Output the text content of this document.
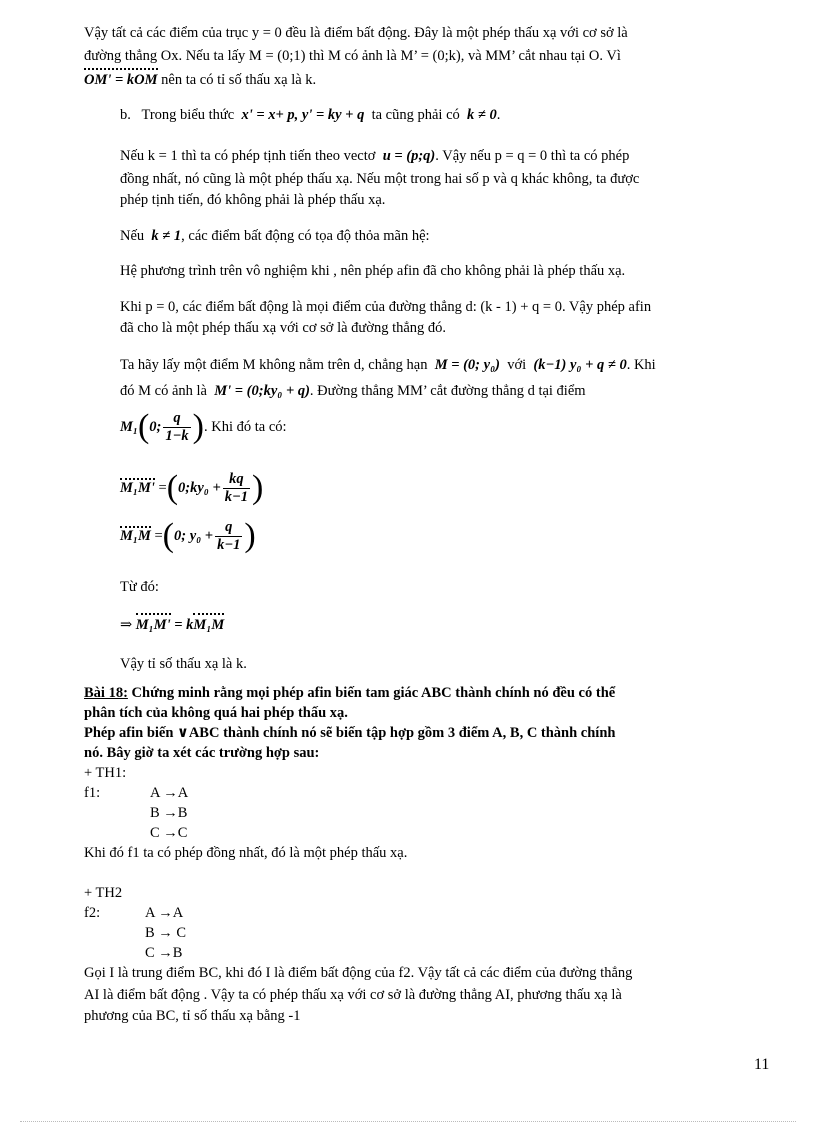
Vậy tất cả các điểm của trục y = 0 đều là điểm bất động. Đây là một phép thấu xạ với cơ sở là
đường thẳng Ox. Nếu ta lấy M = (0;1) thì M có ảnh là M’ = (0;k), và MM’ cắt nhau tại O. Vì
OM' = kOM nên ta có tỉ số thấu xạ là k.
b. Trong biểu thức x' = x+ p, y' = ky + q ta cũng phải có k ≠ 0.
Nếu k = 1 thì ta có phép tịnh tiến theo vectơ u = (p;q). Vậy nếu p = q = 0 thì ta có phép
đồng nhất, nó cũng là một phép thấu xạ. Nếu một trong hai số p và q khác không, ta được
phép tịnh tiến, đó không phải là phép thấu xạ.
Nếu k ≠ 1, các điểm bất động có tọa độ thỏa mãn hệ:
Hệ phương trình trên vô nghiệm khi , nên phép afin đã cho không phải là phép thấu xạ.
Khi p = 0, các điểm bất động là mọi điểm của đường thẳng d: (k - 1) + q = 0. Vậy phép afin
đã cho là một phép thấu xạ với cơ sở là đường thẳng đó.
Ta hãy lấy một điểm M không nằm trên d, chẳng hạn M = (0; y₀) với (k−1) y₀ + q ≠ 0. Khi
đó M có ảnh là M' = (0;ky₀ + q). Đường thẳng MM’ cắt đường thẳng d tại điểm
M₁ ( 0; $\frac{q}{1-k}$ ) . Khi đó ta có:
M₁M' = ( 0;ky₀ + $\frac{kq}{k-1}$ )
M₁M = ( 0; $y_0 + \frac{q}{k-1}$ )
Từ đó:
⇒ M₁M' = kM₁M
Vậy tỉ số thấu xạ là k.
Bài 18: Chứng minh rằng mọi phép afin biến tam giác ABC thành chính nó đều có thể
phân tích của không quá hai phép thấu xạ.
Phép afin biến ∨ABC thành chính nó sẽ biến tập hợp gồm 3 điểm A, B, C thành chính
nó. Bây giờ ta xét các trường hợp sau:
+ TH1:
f1:	A →A
B →B
C →C
Khi đó f1 ta có phép đồng nhất, đó là một phép thấu xạ.
+ TH2
f2:	A →A
B → C
C →B
Gọi I là trung điểm BC, khi đó I là điểm bất động của f2. Vậy tất cả các điểm của đường thẳng
AI là điểm bất động . Vậy ta có phép thấu xạ với cơ sở là đường thẳng AI, phương thấu xạ là
phương của BC, tỉ số thấu xạ bằng -1
11
